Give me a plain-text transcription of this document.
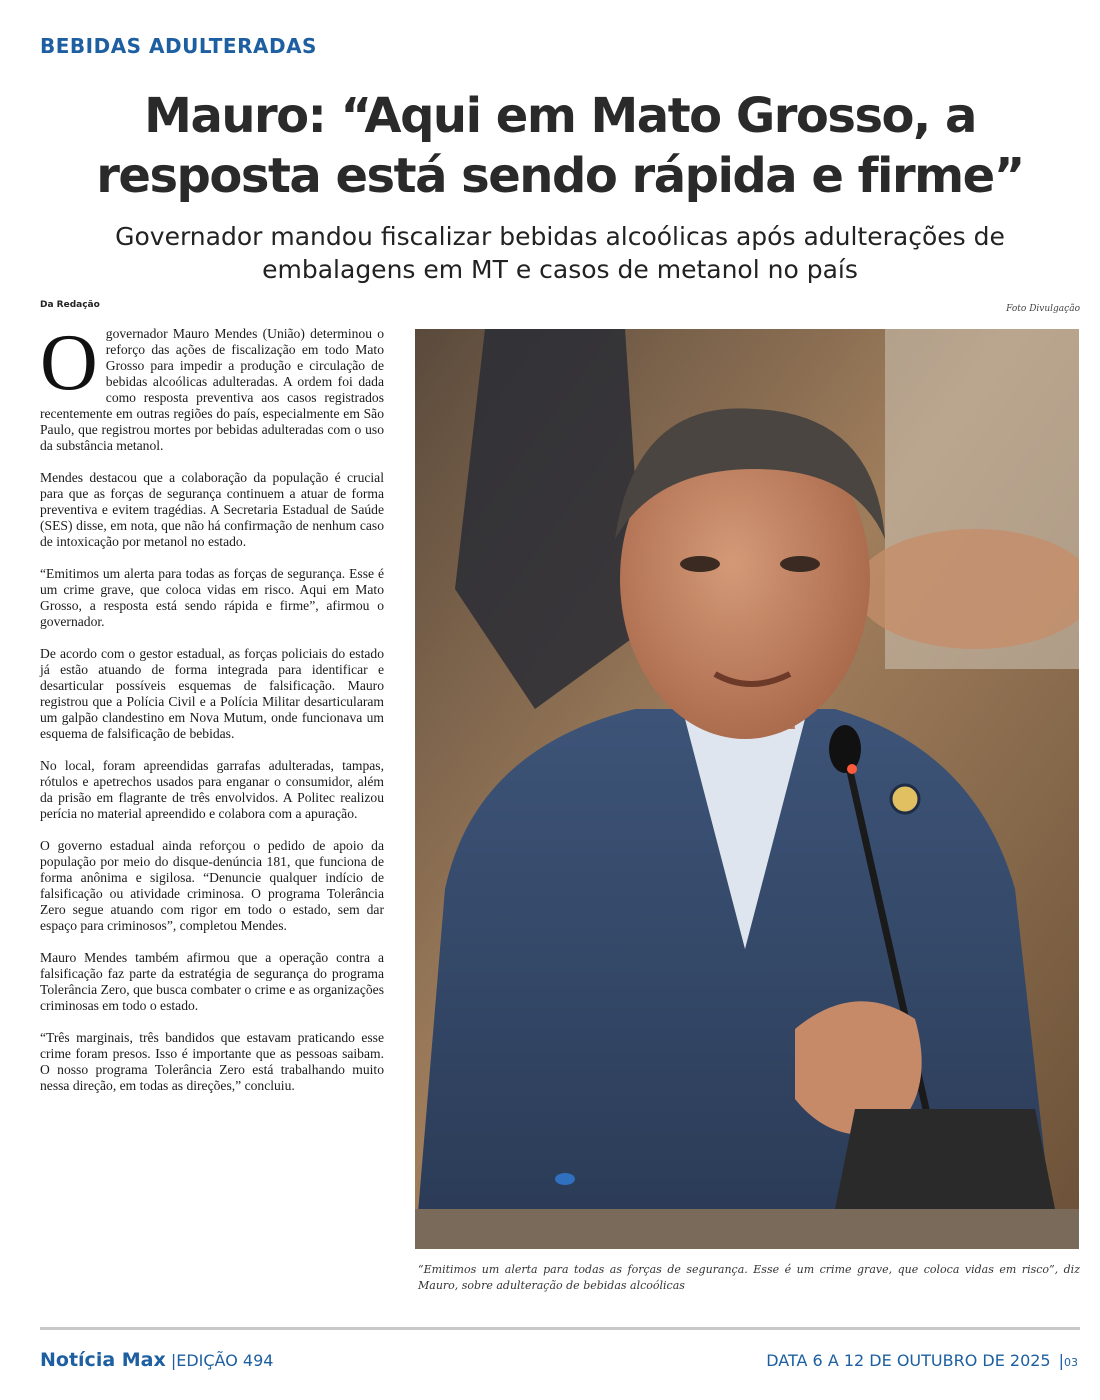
BEBIDAS ADULTERADAS
Mauro: “Aqui em Mato Grosso, a resposta está sendo rápida e firme”
Governador mandou fiscalizar bebidas alcoólicas após adulterações de embalagens em MT e casos de metanol no país
Da Redação	Foto Divulgação

Ogovernador Mauro Mendes (União) determinou o reforço das ações de fiscalização em todo Mato Grosso para impedir a produção e circulação de bebidas alcoólicas adulteradas. A ordem foi dada como resposta preventiva aos casos registrados recentemente em outras regiões do país, especialmente em São Paulo, que registrou mortes por bebidas adulteradas com o uso da substância metanol.

Mendes destacou que a colaboração da população é crucial para que as forças de segurança continuem a atuar de forma preventiva e evitem tragédias. A Secretaria Estadual de Saúde (SES) disse, em nota, que não há confirmação de nenhum caso de intoxicação por metanol no estado.

“Emitimos um alerta para todas as forças de segurança. Esse é um crime grave, que coloca vidas em risco. Aqui em Mato Grosso, a resposta está sendo rápida e firme”, afirmou o governador.

De acordo com o gestor estadual, as forças policiais do estado já estão atuando de forma integrada para identificar e desarticular possíveis esquemas de falsificação. Mauro registrou que a Polícia Civil e a Polícia Militar desarticularam um galpão clandestino em Nova Mutum, onde funcionava um esquema de falsificação de bebidas.

No local, foram apreendidas garrafas adulteradas, tampas, rótulos e apetrechos usados para enganar o consumidor, além da prisão em flagrante de três envolvidos. A Politec realizou perícia no material apreendido e colabora com a apuração.

O governo estadual ainda reforçou o pedido de apoio da população por meio do disque-denúncia 181, que funciona de forma anônima e sigilosa. “Denuncie qualquer indício de falsificação ou atividade criminosa. O programa Tolerância Zero segue atuando com rigor em todo o estado, sem dar espaço para criminosos”, completou Mendes.

Mauro Mendes também afirmou que a operação contra a falsificação faz parte da estratégia de segurança do programa Tolerância Zero, que busca combater o crime e as organizações criminosas em todo o estado.

“Três marginais, três bandidos que estavam praticando esse crime foram presos. Isso é importante que as pessoas saibam. O nosso programa Tolerância Zero está trabalhando muito nessa direção, em todas as direções,” concluiu.

“Emitimos um alerta para todas as forças de segurança. Esse é um crime grave, que coloca vidas em risco”, diz Mauro, sobre adulteração de bebidas alcoólicas
Notícia Max |EDIÇÃO 494	DATA 6 A 12 DE OUTUBRO DE 2025 |03
